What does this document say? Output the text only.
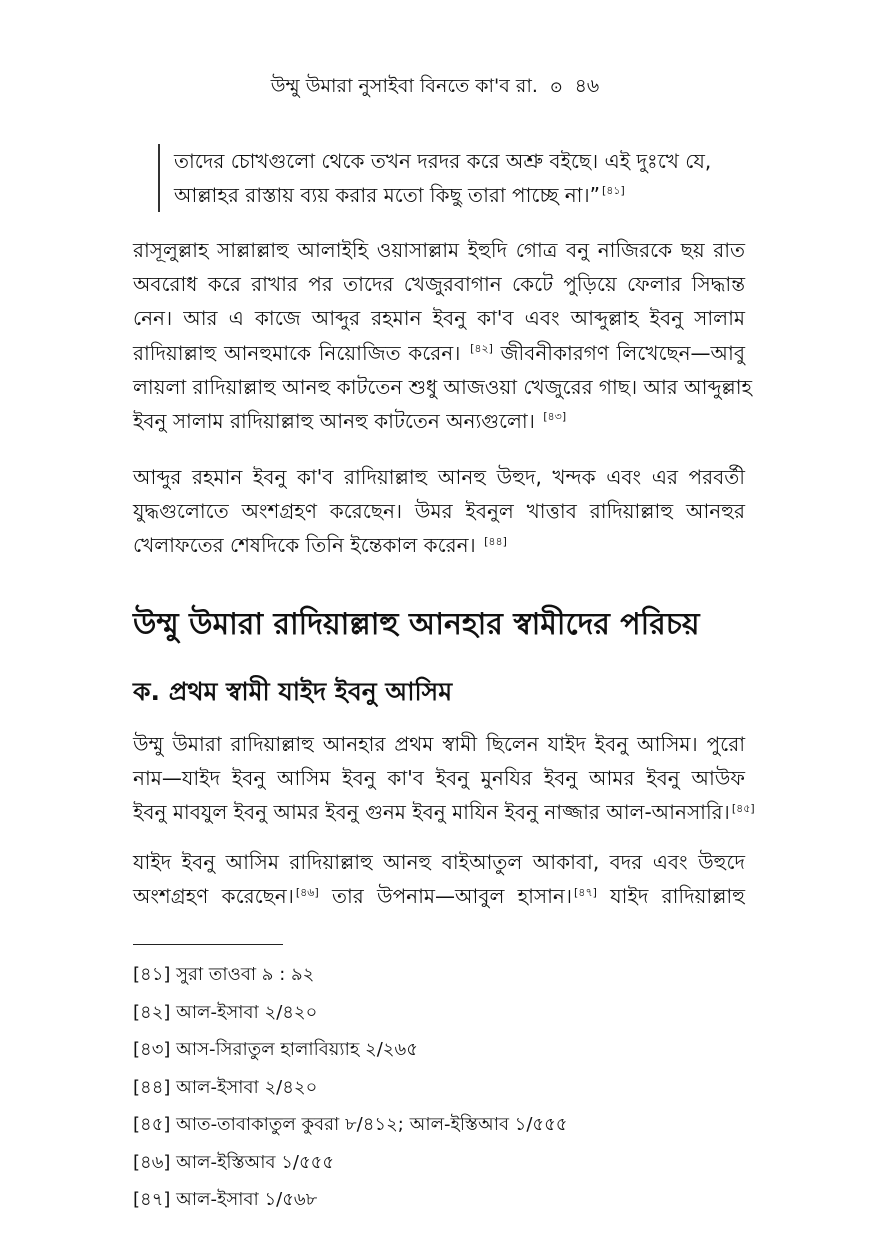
উম্মু উমারা নুসাইবা বিনতে কা'ব রা. ⊙ ৪৬
তাদের চোখগুলো থেকে তখন দরদর করে অশ্রু বইছে। এই দুঃখে যে,
আল্লাহর রাস্তায় ব্যয় করার মতো কিছু তারা পাচ্ছে না।” [৪১]
রাসূলুল্লাহ সাল্লাল্লাহু আলাইহি ওয়াসাল্লাম ইহুদি গোত্র বনু নাজিরকে ছয় রাত
অবরোধ করে রাখার পর তাদের খেজুরবাগান কেটে পুড়িয়ে ফেলার সিদ্ধান্ত
নেন। আর এ কাজে আব্দুর রহমান ইবনু কা'ব এবং আব্দুল্লাহ ইবনু সালাম
রাদিয়াল্লাহু আনহুমাকে নিয়োজিত করেন। [৪২] জীবনীকারগণ লিখেছেন—আবু
লায়লা রাদিয়াল্লাহু আনহু কাটতেন শুধু আজওয়া খেজুরের গাছ। আর আব্দুল্লাহ
ইবনু সালাম রাদিয়াল্লাহু আনহু কাটতেন অন্যগুলো। [৪৩]
আব্দুর রহমান ইবনু কা'ব রাদিয়াল্লাহু আনহু উহুদ, খন্দক এবং এর পরবর্তী
যুদ্ধগুলোতে অংশগ্রহণ করেছেন। উমর ইবনুল খাত্তাব রাদিয়াল্লাহু আনহুর
খেলাফতের শেষদিকে তিনি ইন্তেকাল করেন। [৪৪]
উম্মু উমারা রাদিয়াল্লাহু আনহার স্বামীদের পরিচয়
ক. প্রথম স্বামী যাইদ ইবনু আসিম
উম্মু উমারা রাদিয়াল্লাহু আনহার প্রথম স্বামী ছিলেন যাইদ ইবনু আসিম। পুরো
নাম—যাইদ ইবনু আসিম ইবনু কা'ব ইবনু মুনযির ইবনু আমর ইবনু আউফ
ইবনু মাবযুল ইবনু আমর ইবনু গুনম ইবনু মাযিন ইবনু নাজ্জার আল-আনসারি। [৪৫]
যাইদ ইবনু আসিম রাদিয়াল্লাহু আনহু বাইআতুল আকাবা, বদর এবং উহুদে
অংশগ্রহণ করেছেন। [৪৬] তার উপনাম—আবুল হাসান। [৪৭] যাইদ রাদিয়াল্লাহু
[৪১] সুরা তাওবা ৯ : ৯২
[৪২] আল-ইসাবা ২/৪২০
[৪৩] আস-সিরাতুল হালাবিয়্যাহ ২/২৬৫
[৪৪] আল-ইসাবা ২/৪২০
[৪৫] আত-তাবাকাতুল কুবরা ৮/৪১২; আল-ইস্তিআব ১/৫৫৫
[৪৬] আল-ইস্তিআব ১/৫৫৫
[৪৭] আল-ইসাবা ১/৫৬৮
